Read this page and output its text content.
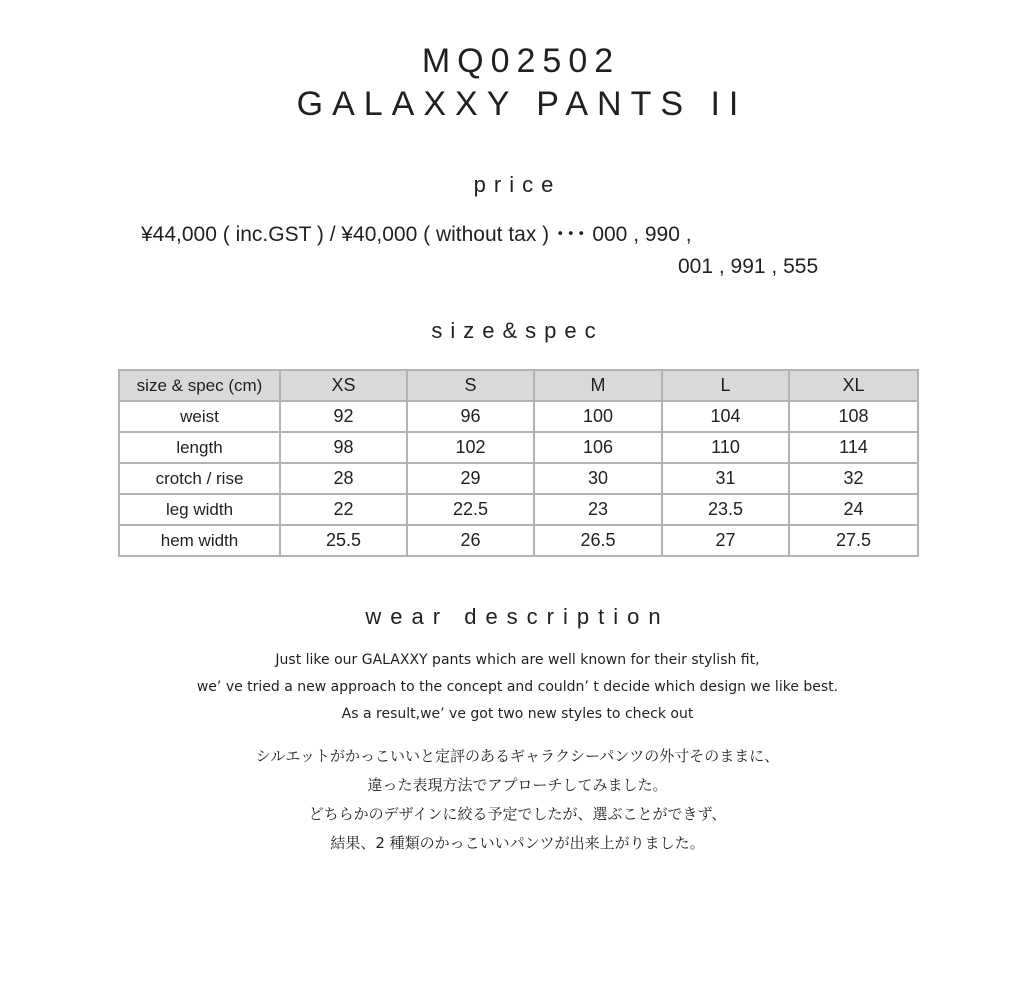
MQ02502
GALAXXY PANTS II
price
¥44,000 ( inc.GST ) / ¥40,000 ( without tax ) ･･･ 000 , 990 ,
001 , 991 , 555
size&spec
size & spec (cm)	XS	S	M	L	XL
weist	92	96	100	104	108
length	98	102	106	110	114
crotch / rise	28	29	30	31	32
leg width	22	22.5	23	23.5	24
hem width	25.5	26	26.5	27	27.5
wear description
Just like our GALAXXY pants which are well known for their stylish fit,
we’ ve tried a new approach to the concept and couldn’ t decide which design we like best.
As a result,we’ ve got two new styles to check out
シルエットがかっこいいと定評のあるギャラクシーパンツの外寸そのままに、
違った表現方法でアプローチしてみました。
どちらかのデザインに絞る予定でしたが、選ぶことができず、
結果、2 種類のかっこいいパンツが出来上がりました。
